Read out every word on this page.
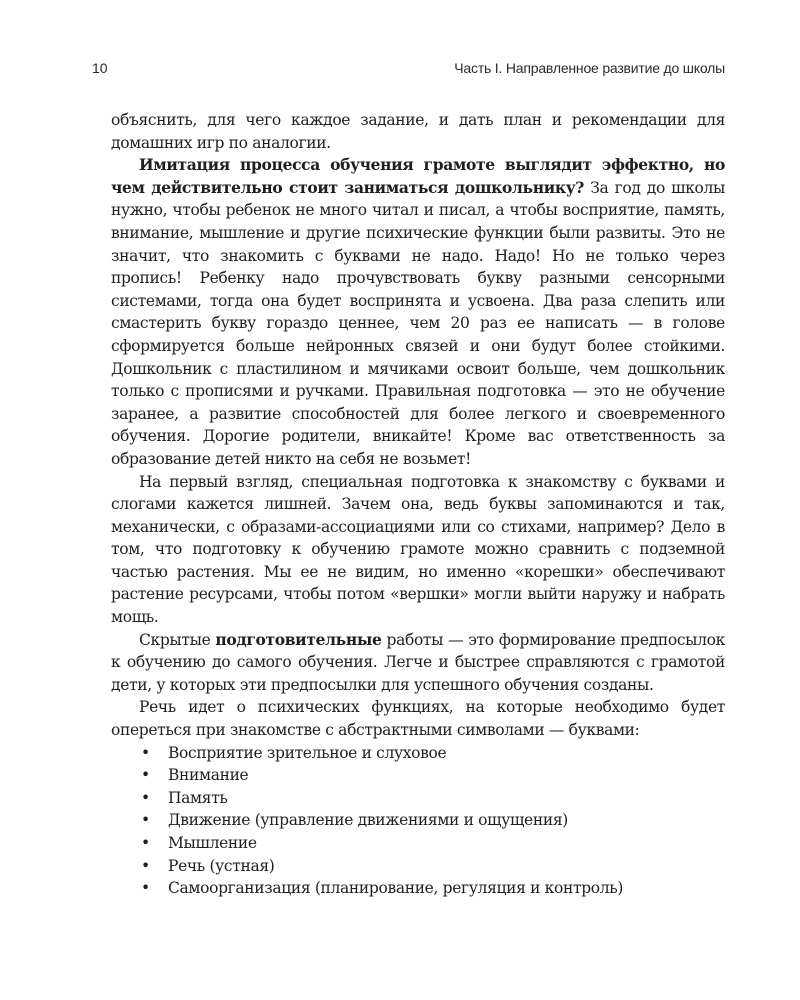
10	Часть I. Направленное развитие до школы

объяснить, для чего каждое задание, и дать план и рекомендации для домашних игр по аналогии.

Имитация процесса обучения грамоте выглядит эффектно, но чем действительно стоит заниматься дошкольнику? За год до школы нужно, чтобы ребенок не много читал и писал, а чтобы восприятие, память, внимание, мышление и другие психические функции были развиты. Это не значит, что знакомить с буквами не надо. Надо! Но не только через пропись! Ребенку надо прочувствовать букву разными сенсорными системами, тогда она будет воспринята и усвоена. Два раза слепить или смастерить букву гораздо ценнее, чем 20 раз ее написать — в голове сформируется больше нейронных связей и они будут более стойкими. Дошкольник с пластилином и мячиками освоит больше, чем дошкольник только с прописями и ручками. Правильная подготовка — это не обучение заранее, а развитие способностей для более легкого и своевременного обучения. Дорогие родители, вникайте! Кроме вас ответственность за образование детей никто на себя не возьмет!

На первый взгляд, специальная подготовка к знакомству с буквами и слогами кажется лишней. Зачем она, ведь буквы запоминаются и так, механически, с образами-ассоциациями или со стихами, например? Дело в том, что подготовку к обучению грамоте можно сравнить с подземной частью растения. Мы ее не видим, но именно «корешки» обеспечивают растение ресурсами, чтобы потом «вершки» могли выйти наружу и набрать мощь.

Скрытые подготовительные работы — это формирование предпосылок к обучению до самого обучения. Легче и быстрее справляются с грамотой дети, у которых эти предпосылки для успешного обучения созданы.

Речь идет о психических функциях, на которые необходимо будет опереться при знакомстве с абстрактными символами — буквами:

• Восприятие зрительное и слуховое
• Внимание
• Память
• Движение (управление движениями и ощущения)
• Мышление
• Речь (устная)
• Самоорганизация (планирование, регуляция и контроль)
